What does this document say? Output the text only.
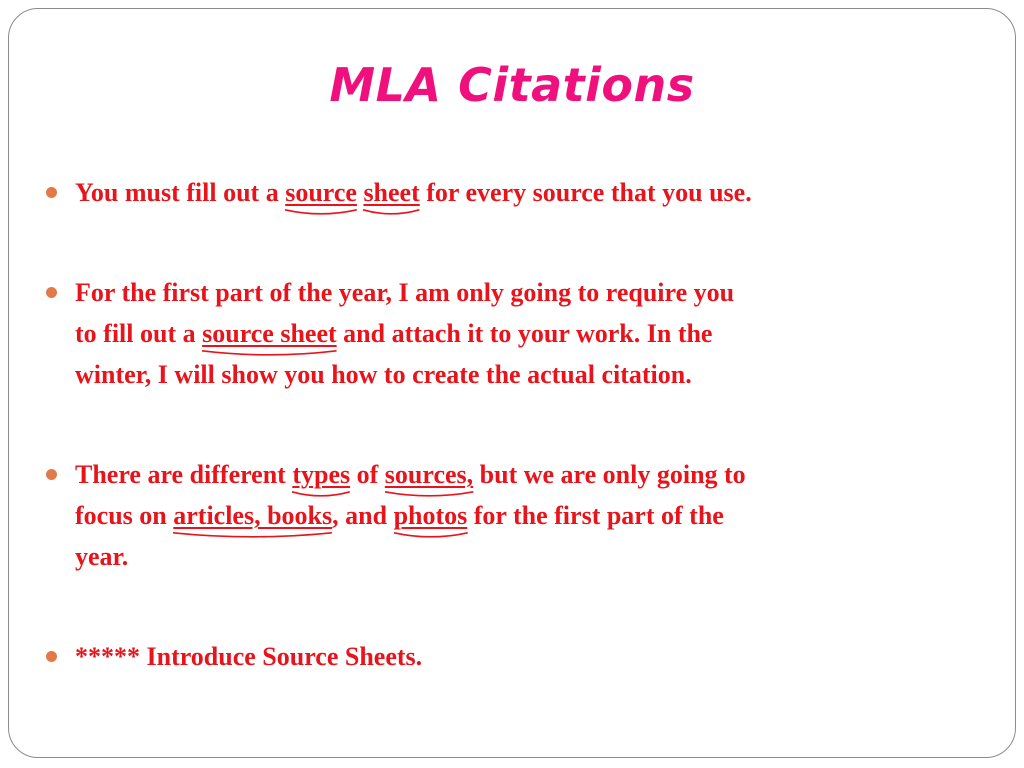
MLA Citations
You must fill out a source sheet
for every source that you use.
For the first part of the year, I am only going to require you
to fill out a source sheet
and attach it to your work. In the
winter, I will show you how to create the actual citation.
There are different types
of sources,
but we are only going to
focus on articles, books
, and photos
for the first part of the
year.
***** Introduce Source Sheets.
